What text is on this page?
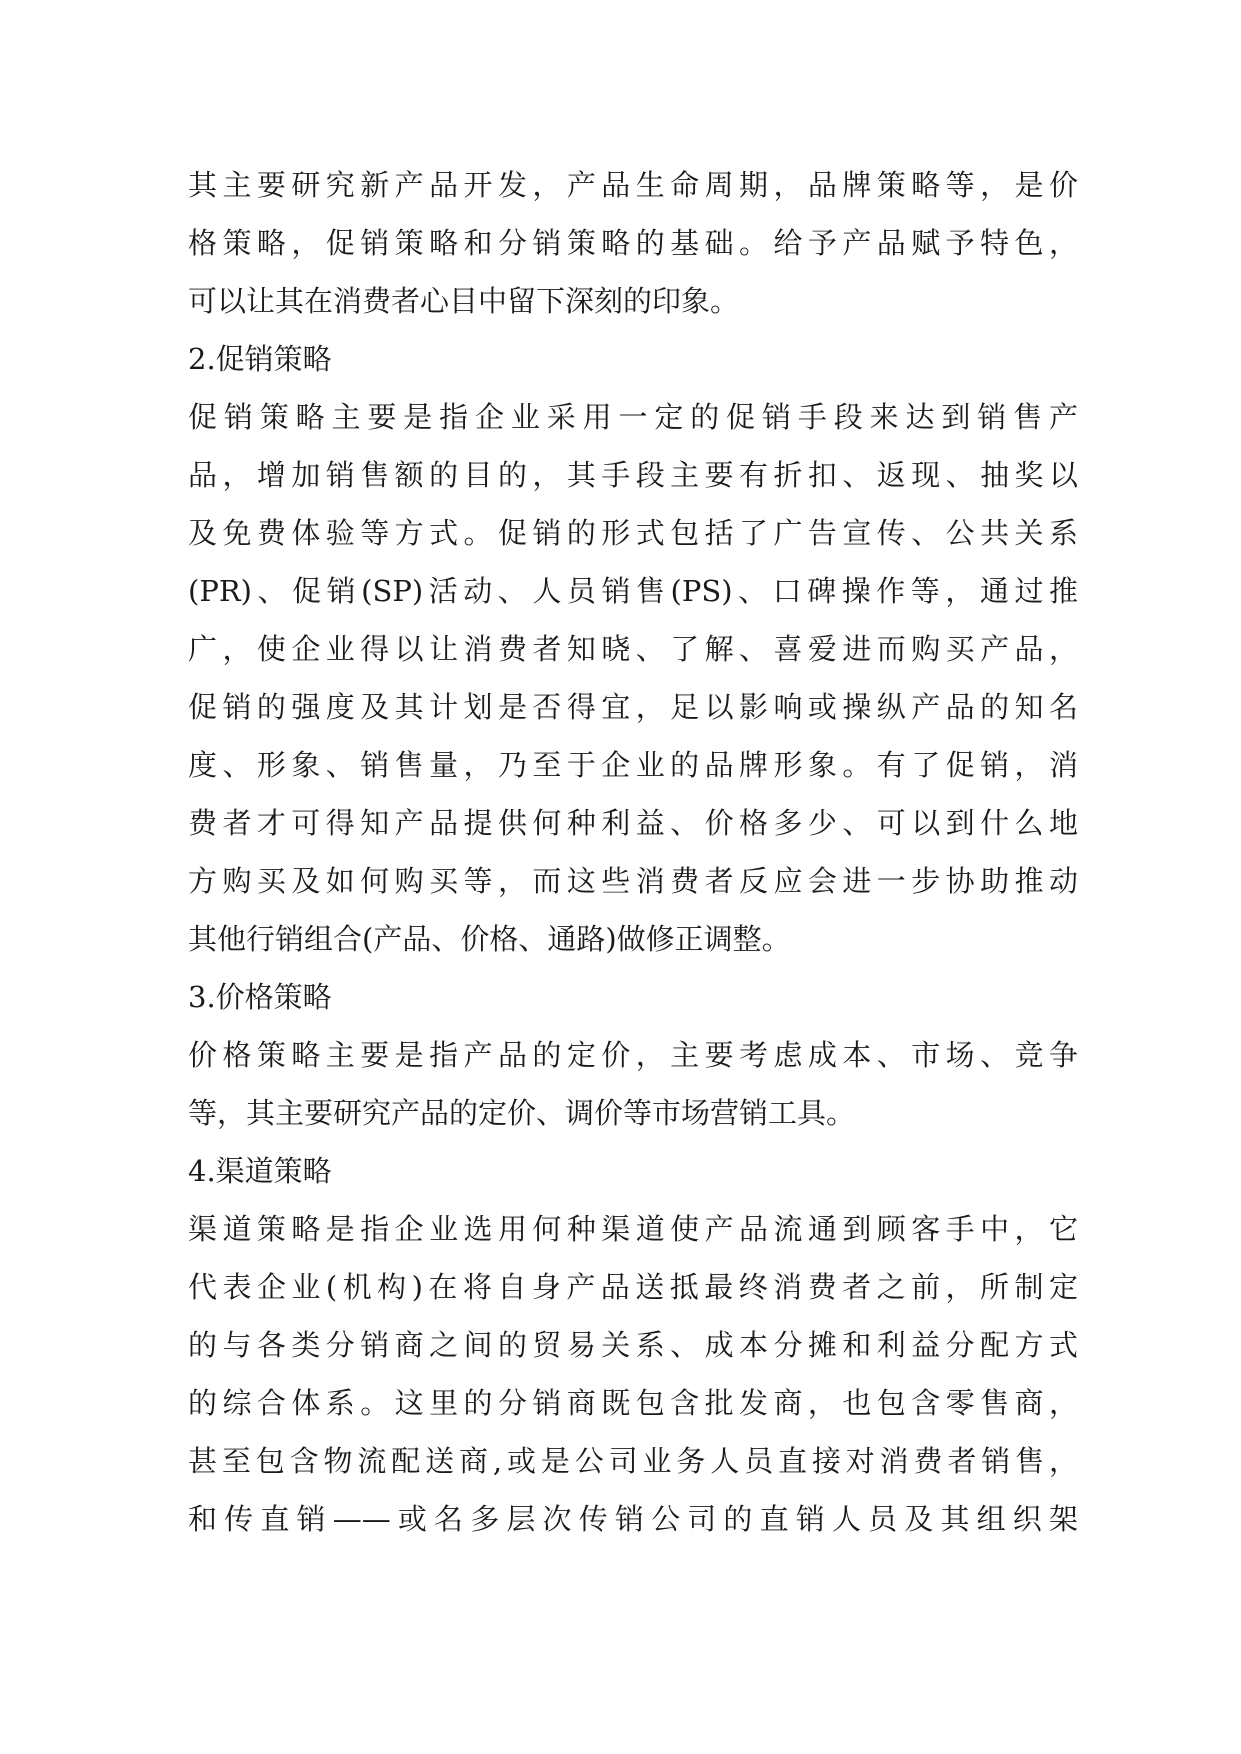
其主要研究新产品开发，产品生命周期，品牌策略等，是价
格策略，促销策略和分销策略的基础。给予产品赋予特色，
可以让其在消费者心目中留下深刻的印象。
2.促销策略
促销策略主要是指企业采用一定的促销手段来达到销售产
品，增加销售额的目的，其手段主要有折扣、返现、抽奖以
及免费体验等方式。促销的形式包括了广告宣传、公共关系
(PR)、促销(SP)活动、人员销售(PS)、口碑操作等，通过推
广，使企业得以让消费者知晓、了解、喜爱进而购买产品，
促销的强度及其计划是否得宜，足以影响或操纵产品的知名
度、形象、销售量，乃至于企业的品牌形象。有了促销，消
费者才可得知产品提供何种利益、价格多少、可以到什么地
方购买及如何购买等，而这些消费者反应会进一步协助推动
其他行销组合(产品、价格、通路)做修正调整。
3.价格策略
价格策略主要是指产品的定价，主要考虑成本、市场、竞争
等，其主要研究产品的定价、调价等市场营销工具。
4.渠道策略
渠道策略是指企业选用何种渠道使产品流通到顾客手中，它
代表企业(机构)在将自身产品送抵最终消费者之前，所制定
的与各类分销商之间的贸易关系、成本分摊和利益分配方式
的综合体系。这里的分销商既包含批发商，也包含零售商，
甚至包含物流配送商,或是公司业务人员直接对消费者销售，
和传直销——或名多层次传销公司的直销人员及其组织架
